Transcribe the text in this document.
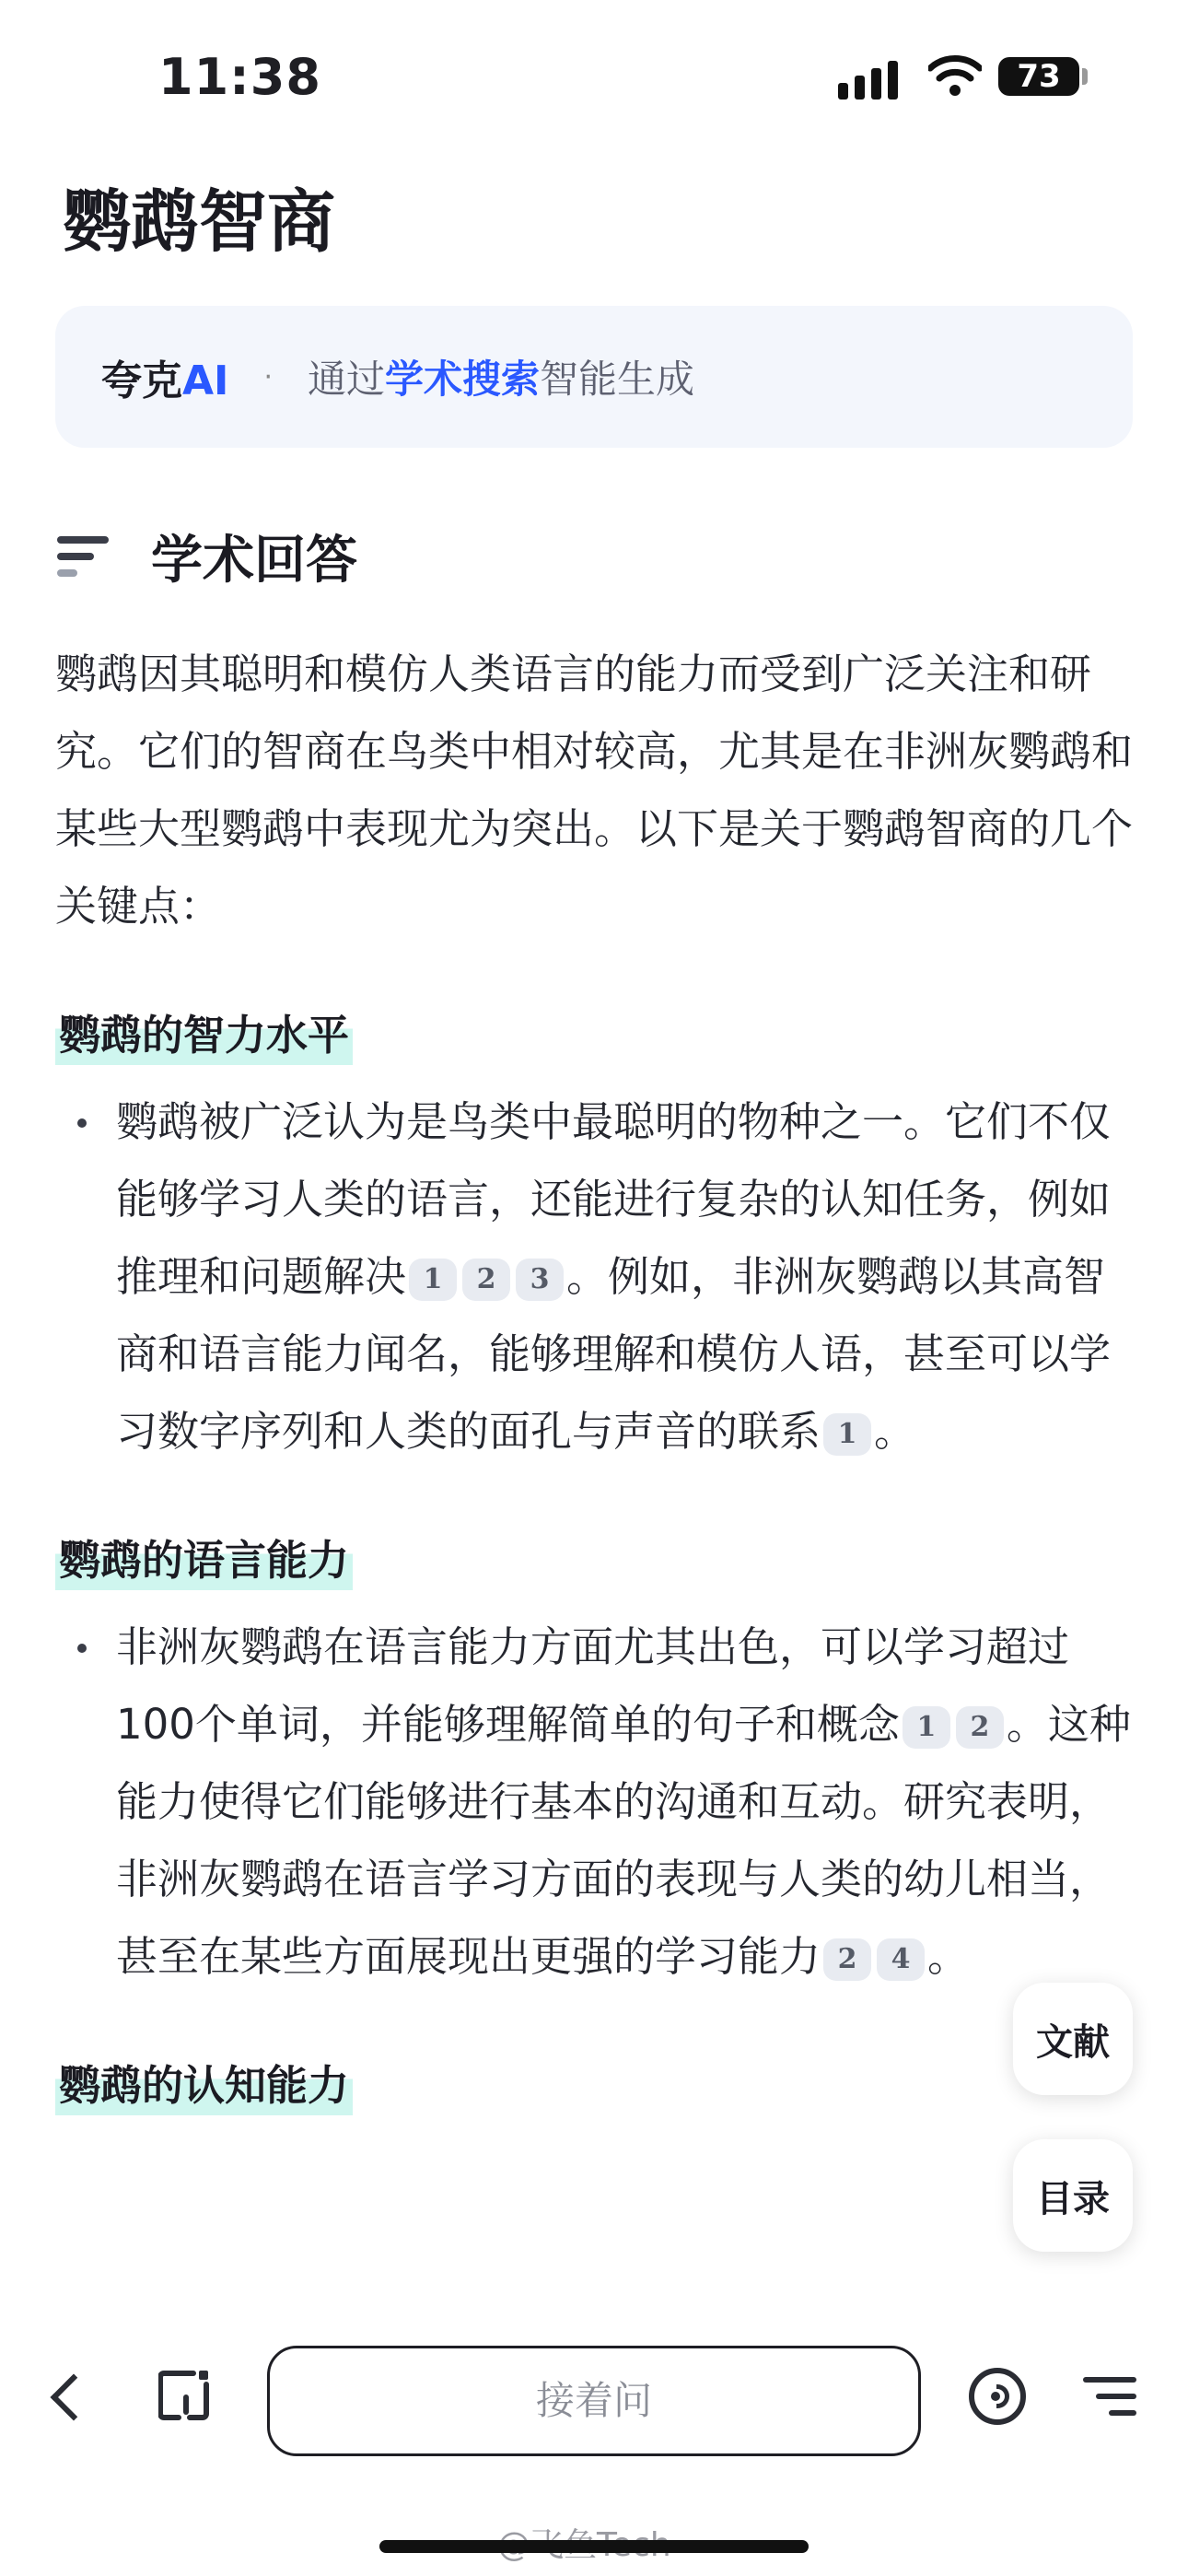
11:38	73
鹦鹉智商
夸克AI · 通过学术搜索智能生成
学术回答

鹦鹉因其聪明和模仿人类语言的能力而受到广泛关注和研究。它们的智商在鸟类中相对较高，尤其是在非洲灰鹦鹉和某些大型鹦鹉中表现尤为突出。以下是关于鹦鹉智商的几个关键点：

鹦鹉的智力水平
鹦鹉被广泛认为是鸟类中最聪明的物种之一。它们不仅能够学习人类的语言，还能进行复杂的认知任务，例如推理和问题解决 1 2 3 。例如，非洲灰鹦鹉以其高智商和语言能力闻名，能够理解和模仿人语，甚至可以学习数字序列和人类的面孔与声音的联系 1 。
鹦鹉的语言能力
非洲灰鹦鹉在语言能力方面尤其出色，可以学习超过100个单词，并能够理解简单的句子和概念 1 2 。这种能力使得它们能够进行基本的沟通和互动。研究表明，非洲灰鹦鹉在语言学习方面的表现与人类的幼儿相当，甚至在某些方面展现出更强的学习能力 2 4 。
鹦鹉的认知能力
文献
目录
接着问
